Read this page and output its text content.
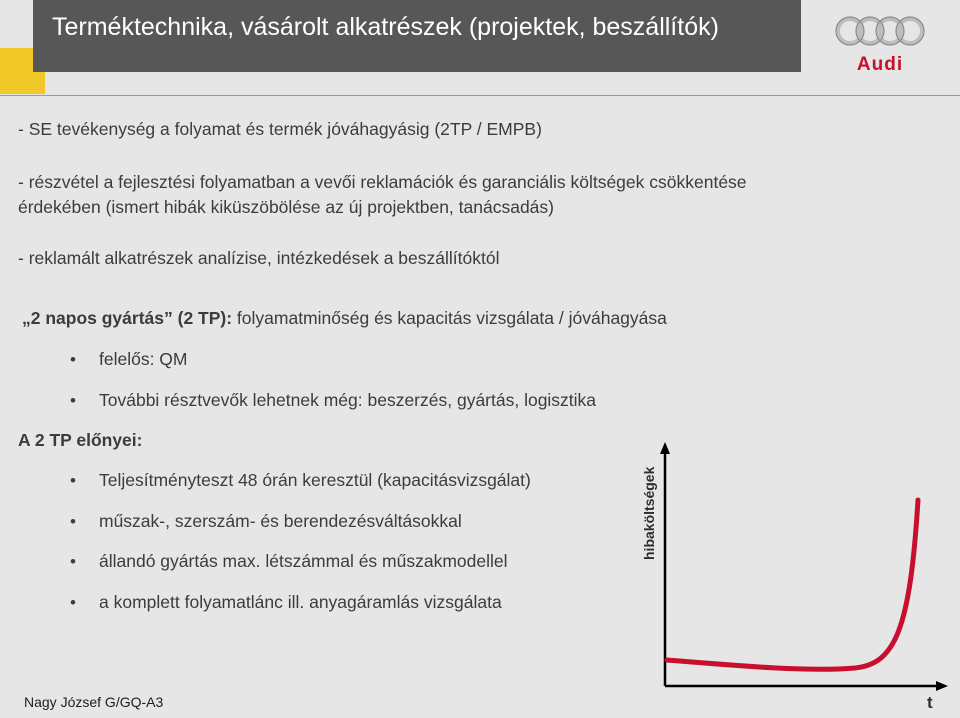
Terméktechnika, vásárolt alkatrészek (projektek, beszállítók)
Audi
- SE tevékenység a folyamat és termék jóváhagyásig (2TP / EMPB)
- részvétel a fejlesztési folyamatban a vevői reklamációk és garanciális költségek csökkentése
érdekében (ismert hibák kiküszöbölése az új projektben, tanácsadás)
- reklamált alkatrészek analízise, intézkedések a beszállítóktól
„2 napos gyártás” (2 TP): folyamatminőség és kapacitás vizsgálata / jóváhagyása
• felelős: QM
• További résztvevők lehetnek még: beszerzés, gyártás, logisztika
A 2 TP előnyei:
• Teljesítményteszt 48 órán keresztül (kapacitásvizsgálat)
• műszak-, szerszám- és berendezésváltásokkal
• állandó gyártás max. létszámmal és műszakmodellel
• a komplett folyamatlánc ill. anyagáramlás vizsgálata
hibaköltségek
t
Nagy József G/GQ-A3
